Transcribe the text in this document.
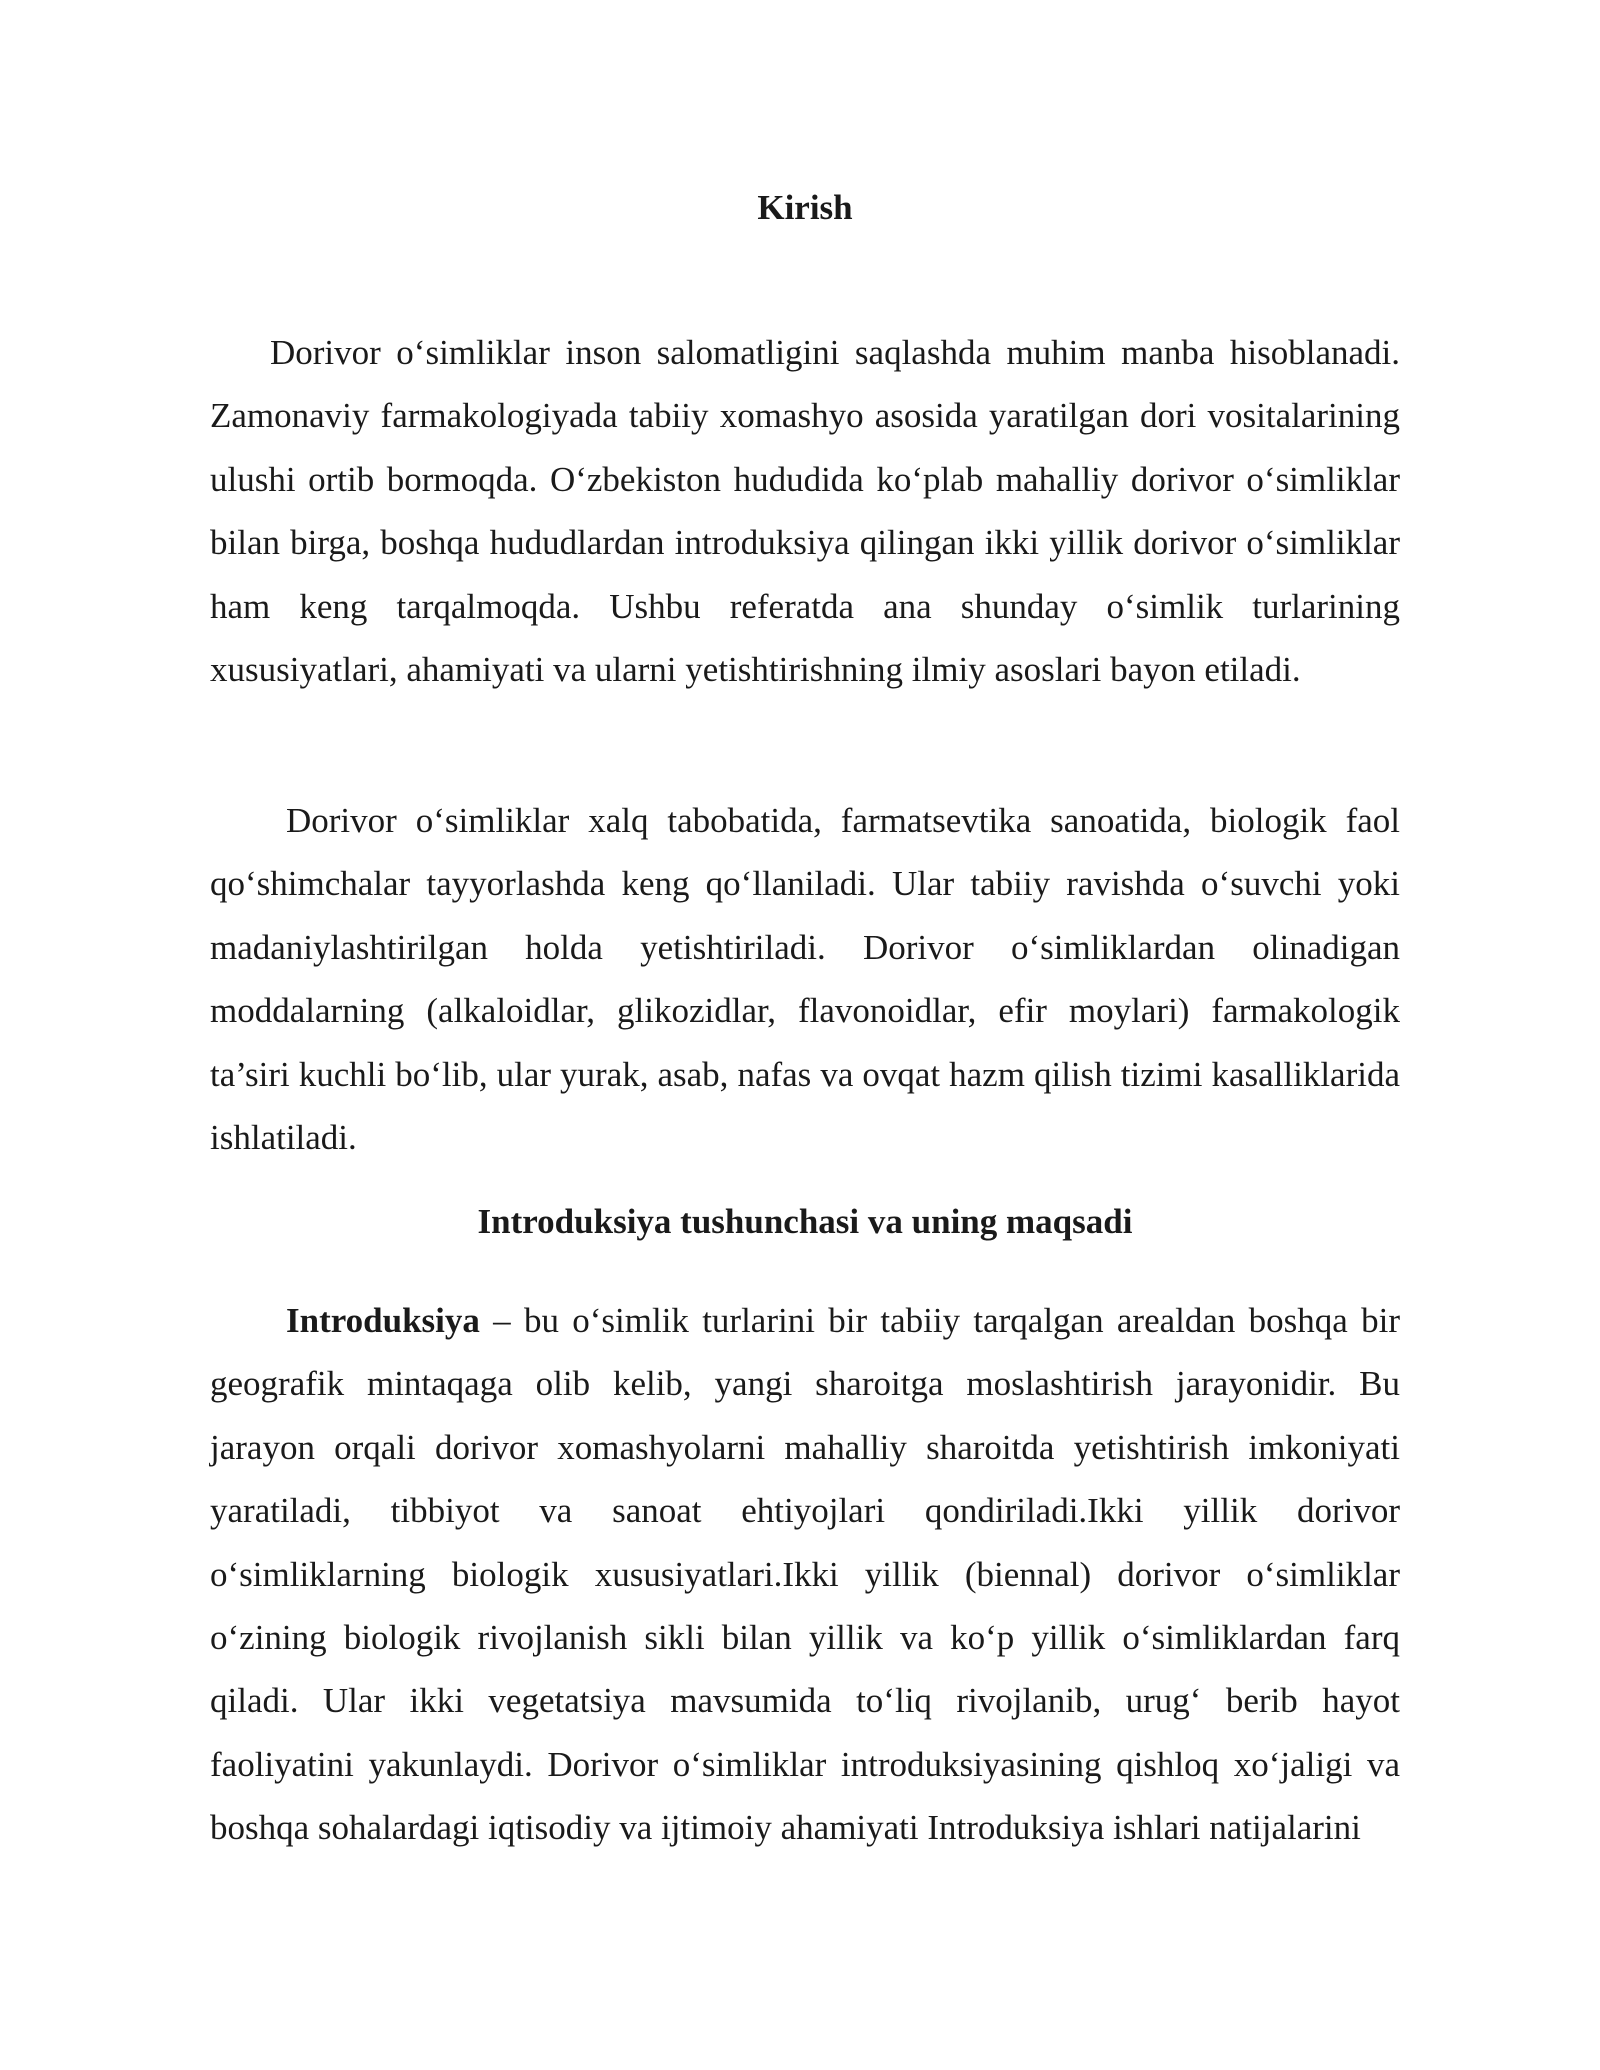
Kirish

Dorivor o‘simliklar inson salomatligini saqlashda muhim manba hisoblanadi. Zamonaviy farmakologiyada tabiiy xomashyo asosida yaratilgan dori vositalarining ulushi ortib bormoqda. O‘zbekiston hududida ko‘plab mahalliy dorivor o‘simliklar bilan birga, boshqa hududlardan introduksiya qilingan ikki yillik dorivor o‘simliklar ham keng tarqalmoqda. Ushbu referatda ana shunday o‘simlik turlarining xususiyatlari, ahamiyati va ularni yetishtirishning ilmiy asoslari bayon etiladi.

Dorivor o‘simliklar xalq tabobatida, farmatsevtika sanoatida, biologik faol qo‘shimchalar tayyorlashda keng qo‘llaniladi. Ular tabiiy ravishda o‘suvchi yoki madaniylashtirilgan holda yetishtiriladi. Dorivor o‘simliklardan olinadigan moddalarning (alkaloidlar, glikozidlar, flavonoidlar, efir moylari) farmakologik ta’siri kuchli bo‘lib, ular yurak, asab, nafas va ovqat hazm qilish tizimi kasalliklarida ishlatiladi.

Introduksiya tushunchasi va uning maqsadi

Introduksiya – bu o‘simlik turlarini bir tabiiy tarqalgan arealdan boshqa bir geografik mintaqaga olib kelib, yangi sharoitga moslashtirish jarayonidir. Bu jarayon orqali dorivor xomashyolarni mahalliy sharoitda yetishtirish imkoniyati yaratiladi, tibbiyot va sanoat ehtiyojlari qondiriladi.Ikki yillik dorivor o‘simliklarning biologik xususiyatlari.Ikki yillik (biennal) dorivor o‘simliklar o‘zining biologik rivojlanish sikli bilan yillik va ko‘p yillik o‘simliklardan farq qiladi. Ular ikki vegetatsiya mavsumida to‘liq rivojlanib, urug‘ berib hayot faoliyatini yakunlaydi. Dorivor o‘simliklar introduksiyasining qishloq xo‘jaligi va boshqa sohalardagi iqtisodiy va ijtimoiy ahamiyati Introduksiya ishlari natijalarini
